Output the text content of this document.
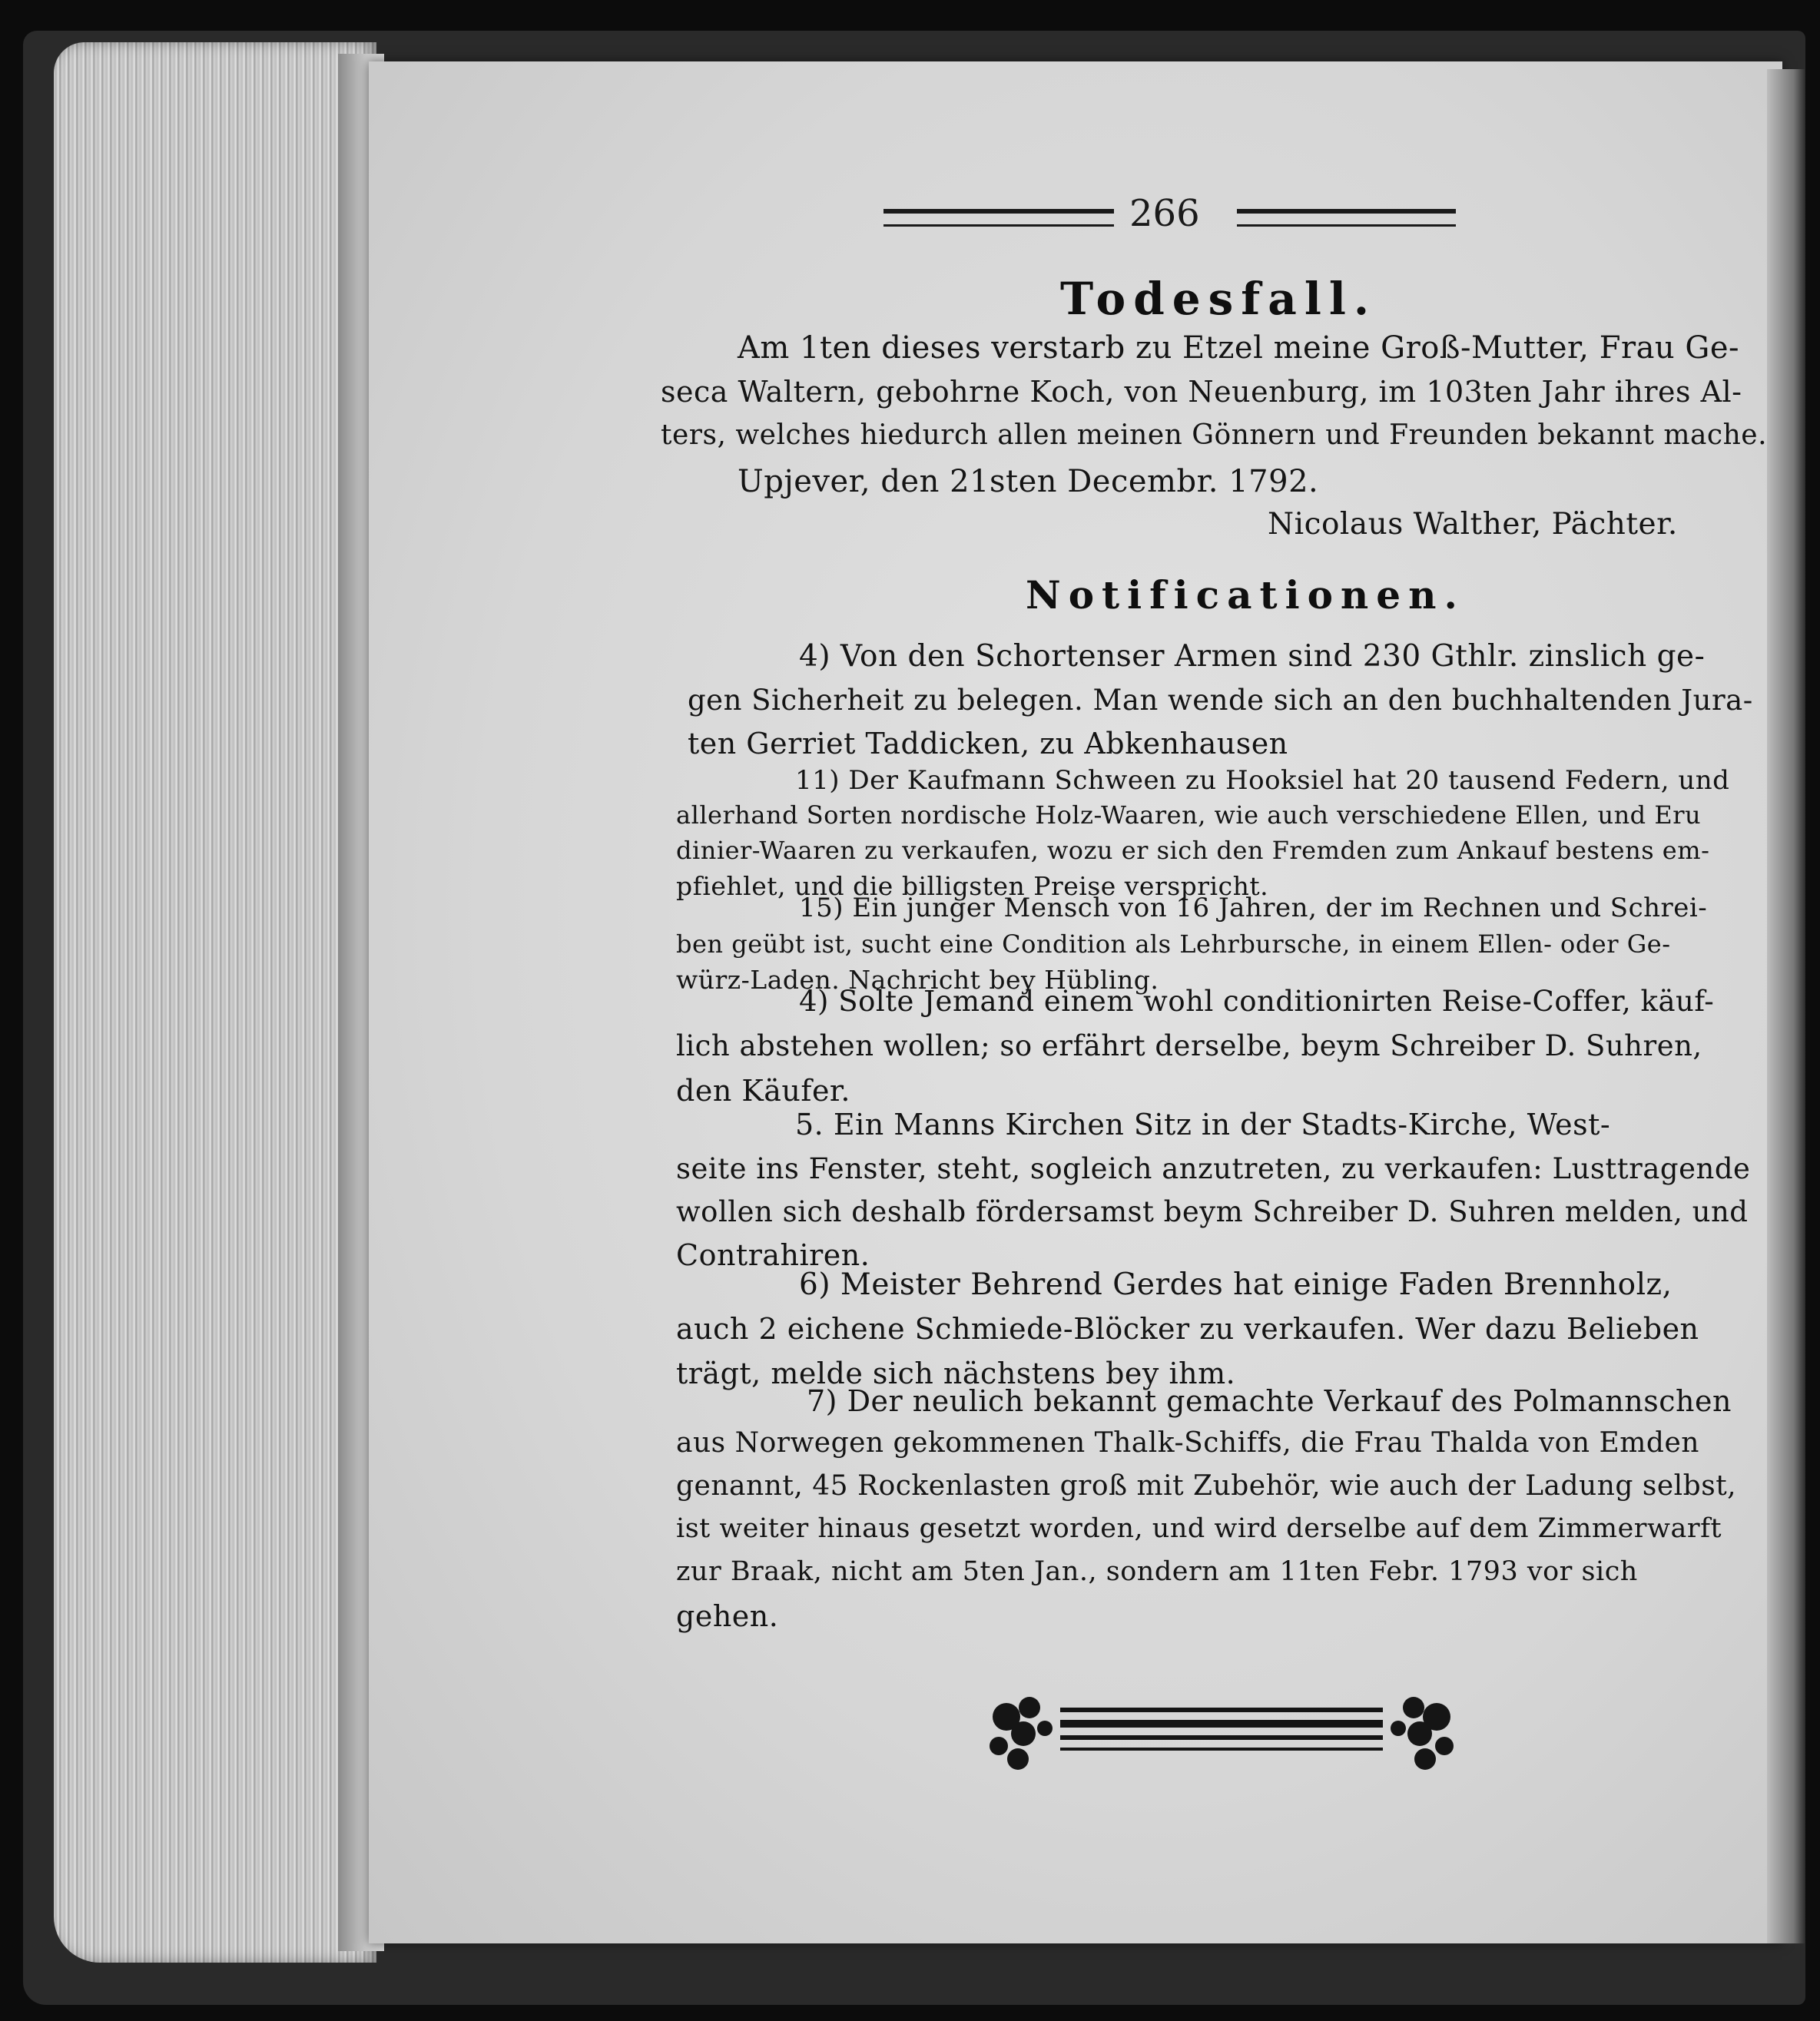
266
Todesfall.
Am 1ten dieses verstarb zu Etzel meine Groß-Mutter, Frau Ge-
seca Waltern, gebohrne Koch, von Neuenburg, im 103ten Jahr ihres Al-
ters, welches hiedurch allen meinen Gönnern und Freunden bekannt mache.
Upjever, den 21sten Decembr. 1792.
Nicolaus Walther, Pächter.
Notificationen.
4) Von den Schortenser Armen sind 230 Gthlr. zinslich ge-
gen Sicherheit zu belegen. Man wende sich an den buchhaltenden Jura-
ten Gerriet Taddicken, zu Abkenhausen
11) Der Kaufmann Schween zu Hooksiel hat 20 tausend Federn, und
allerhand Sorten nordische Holz-Waaren, wie auch verschiedene Ellen, und Eru
dinier-Waaren zu verkaufen, wozu er sich den Fremden zum Ankauf bestens em-
pfiehlet, und die billigsten Preise verspricht.
15) Ein junger Mensch von 16 Jahren, der im Rechnen und Schrei-
ben geübt ist, sucht eine Condition als Lehrbursche, in einem Ellen- oder Ge-
würz-Laden. Nachricht bey Hübling.
4) Solte Jemand einem wohl conditionirten Reise-Coffer, käuf-
lich abstehen wollen; so erfährt derselbe, beym Schreiber D. Suhren,
den Käufer.
5. Ein Manns Kirchen Sitz in der Stadts-Kirche, West-
seite ins Fenster, steht, sogleich anzutreten, zu verkaufen: Lusttragende
wollen sich deshalb fördersamst beym Schreiber D. Suhren melden, und
Contrahiren.
6) Meister Behrend Gerdes hat einige Faden Brennholz,
auch 2 eichene Schmiede-Blöcker zu verkaufen. Wer dazu Belieben
trägt, melde sich nächstens bey ihm.
7) Der neulich bekannt gemachte Verkauf des Polmannschen
aus Norwegen gekommenen Thalk-Schiffs, die Frau Thalda von Emden
genannt, 45 Rockenlasten groß mit Zubehör, wie auch der Ladung selbst,
ist weiter hinaus gesetzt worden, und wird derselbe auf dem Zimmerwarft
zur Braak, nicht am 5ten Jan., sondern am 11ten Febr. 1793 vor sich
gehen.
